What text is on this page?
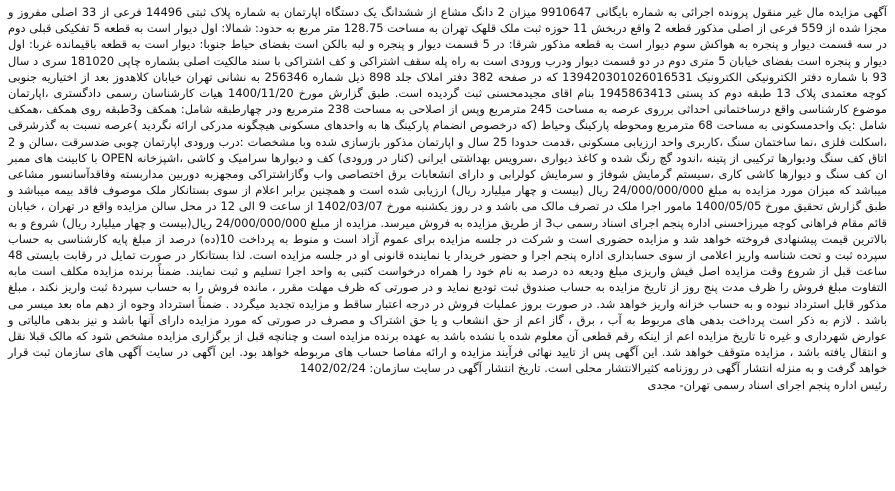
آگهی مزایده مال غیر منقول پرونده اجرائی به شماره بایگانی 9910647 میزان 2 دانگ مشاع از ششدانگ یک دستگاه اپارتمان به شماره پلاک ثبتی 14496 فرعی از 33 اصلی مفروز و مجزا شده از 559 فرعی از اصلی مذکور قطعه 2 واقع دربخش 11 حوزه ثبت ملک قلهک تهران به مساحت 128.75 متر مربع به حدود: شمالا: اول دیوار است به قطعه 5 تفکیکی قبلی دوم در سه قسمت دیوار و پنجره به هواکش سوم دیوار است به قطعه مذکور شرقا: در 5 قسمت دیوار و پنجره و لبه بالکن است بفضای حیاط جنوبا: دیوار است به قطعه باقیمانده غربا: اول دیوار و پنجره است بفضای خیابان 5 متری دوم در دو قسمت دیوار ودرب ورودی است به راه پله سقف اشتراکی و کف اشتراکی با سند مالکیت اصلی بشماره چاپی 181020 سری د سال 93 با شماره دفتر الکترونیکی الکترونیک 139420301026016531 که در صفحه 382 دفتر املاک جلد 898 ذیل شماره 256346 به نشانی تهران خیابان کلاهدوز بعد از اختیاریه جنوبی کوچه معتمدی پلاک 13 طبقه دوم کد پستی 1945863413 بنام اقای مجیدمحسنی ثبت گردیده است. طبق گزارش مورخ 1400/11/20 هیات کارشناسان رسمی دادگستری ،اپارتمان موضوع کارشناسی واقع درساختمانی احداثی برروی عرصه به مساحت 245 مترمربع وپس از اصلاحی به مساحت 238 مترمربع ودر چهارطبقه شامل: همکف و3طبقه روی همکف ،همکف شامل :یک واحدمسکونی به مساحت 68 مترمربع ومحوطه پارکینگ وحیاط (که درخصوص انضمام پارکینگ ها به واحدهای مسکونی هیچگونه مدرکی ارائه نگردید )عرصه نسبت به گذرشرقی ،اسکلت فلزی ،نما ساختمان سنگ ،کاربری واحد ارزیابی مسکونی ،قدمت حدودا 25 سال و اپارتمان مذکور بازسازی شده وبا مشخصات :درب ورودی اپارتمان چوبی ضدسرقت ،سالن و 2 اتاق کف سنگ ودیوارها ترکیبی از پتینه ،اندود گچ رنگ شده و کاغذ دیواری ،سرویس بهداشتی ایرانی (کنار در ورودی) کف و دیوارها سرامیک و کاشی ،اشپزخانه OPEN با کابینت های ممبر ان کف سنگ و دیوارها کاشی کاری ،سیستم گرمایش شوفاژ و سرمایش کولرابی و دارای انشعابات برق اختصاصی واب وگازاشتراکی ومجهزبه دوربین مداربسته وفاقدآسانسور مشاعی میباشد که میزان مورد مزایده به مبلغ 24/000/000/000 ریال (بیست و چهار میلیارد ریال) ارزیابی شده است و همچنین برابر اعلام از سوی بستانکار ملک موصوف فاقد بیمه میباشد و طبق گزارش تحقیق مورخ 1400/05/05 مامور اجرا ملک در تصرف مالک می باشد و در روز یکشنبه مورخ 1402/03/07 از ساعت 9 الی 12 در محل سالن مزایده واقع در تهران ، خیابان قائم مقام فراهانی کوچه میرزاحسنی اداره پنجم اجرای اسناد رسمی ب3 از طریق مزایده به فروش میرسد. مزایده از مبلغ 24/000/000/000 ریال(بیست و چهار میلیارد ریال) شروع و به بالاترین قیمت پیشنهادی فروخته خواهد شد و مزایده حضوری است و شرکت در جلسه مزایده برای عموم آزاد است و منوط به پرداخت 10(ده) درصد از مبلغ پایه کارشناسی به حساب سپرده ثبت و تحت شناسه واریز اعلامی از سوی حسابداری اداره پنجم اجرا و حضور خریدار یا نماینده قانونی او در جلسه مزایده است. لذا بستانکار در صورت تمایل در رقابت بایستی 48 ساعت قبل از شروع وقت مزایده اصل فیش واریزی مبلغ ودیعه ده درصد به نام خود را همراه درخواست کتبی به واحد اجرا تسلیم و ثبت نمایند. ضمناً برنده مزایده مکلف است مابه التفاوت مبلغ فروش را ظرف مدت پنج روز از تاریخ مزایده به حساب صندوق ثبت تودیع نماید و در صورتی که ظرف مهلت مقرر ، مانده فروش را به حساب سپردۀ ثبت واریز نکند ، مبلغ مذکور قابل استرداد نبوده و به حساب خزانه واریز خواهد شد. در صورت بروز عملیات فروش در درجه اعتبار ساقط و مزایده تجدید میگردد . ضمناً استرداد وجوه از دهم ماه بعد میسر می باشد . لازم به ذکر است پرداخت بدهی های مربوط به آب ، برق ، گاز اعم از حق انشعاب و یا حق اشتراک و مصرف در صورتی که مورد مزایده دارای آنها باشد و نیز بدهی مالیاتی و عوارض شهرداری و غیره تا تاریخ مزایده اعم از اینکه رقم قطعی آن معلوم شده یا نشده باشد به عهده برنده مزایده است و چنانچه قبل از برگزاری مزایده مشخص شود که مالک قبلا نقل و انتقال یافته باشد ، مزایده متوقف خواهد شد. این آگهی پس از تایید نهائی فرآیند مزایده و ارائه مفاصا حساب های مربوطه خواهد بود. این آگهی در سایت آگهی های سازمان ثبت قرار خواهد گرفت و به منزله انتشار آگهی در روزنامه کثیرالانتشار محلی است. تاریخ انتشار آگهی در سایت سازمان: 1402/02/24

رئیس اداره پنجم اجرای اسناد رسمی تهران- مجدی
